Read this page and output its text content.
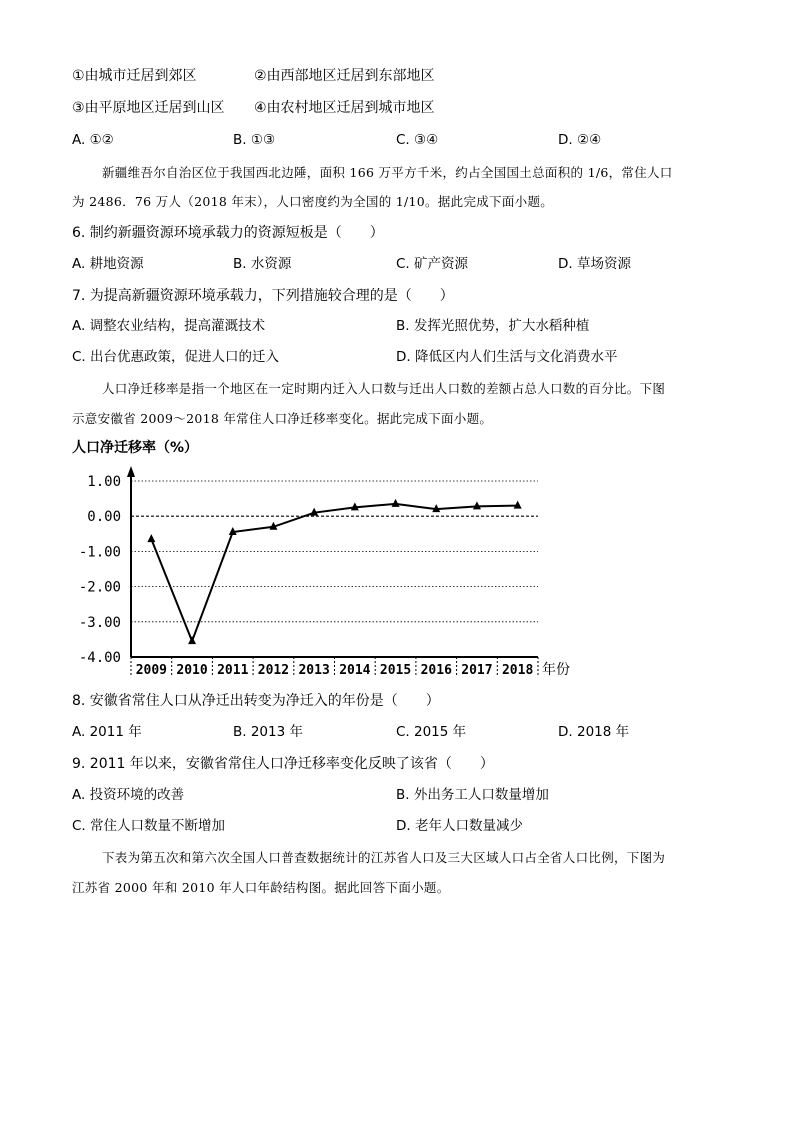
①由城市迁居到郊区	②由西部地区迁居到东部地区
③由平原地区迁居到山区 ④由农村地区迁居到城市地区
A. ①②	B. ①③	C. ③④	D. ②④
新疆维吾尔自治区位于我国西北边陲，面积 166 万平方千米，约占全国国土总面积的 1/6，常住人口
为 2486．76 万人（2018 年末），人口密度约为全国的 1/10。据此完成下面小题。
6. 制约新疆资源环境承载力的资源短板是（　　）
A. 耕地资源	B. 水资源	C. 矿产资源	D. 草场资源
7. 为提高新疆资源环境承载力，下列措施较合理的是（　　）
A. 调整农业结构，提高灌溉技术	B. 发挥光照优势，扩大水稻种植
C. 出台优惠政策，促进人口的迁入	D. 降低区内人们生活与文化消费水平
人口净迁移率是指一个地区在一定时期内迁入人口数与迁出人口数的差额占总人口数的百分比。下图
示意安徽省 2009～2018 年常住人口净迁移率变化。据此完成下面小题。
人口净迁移率（%）
1.00
0.00
-1.00
-2.00
-3.00
-4.00
2009 2010 2011 2012 2013 2014 2015 2016 2017 2018 年份
8. 安徽省常住人口从净迁出转变为净迁入的年份是（　　）
A. 2011 年	B. 2013 年	C. 2015 年	D. 2018 年
9. 2011 年以来，安徽省常住人口净迁移率变化反映了该省（　　）
A. 投资环境的改善	B. 外出务工人口数量增加
C. 常住人口数量不断增加	D. 老年人口数量减少
下表为第五次和第六次全国人口普查数据统计的江苏省人口及三大区域人口占全省人口比例，下图为
江苏省 2000 年和 2010 年人口年龄结构图。据此回答下面小题。
